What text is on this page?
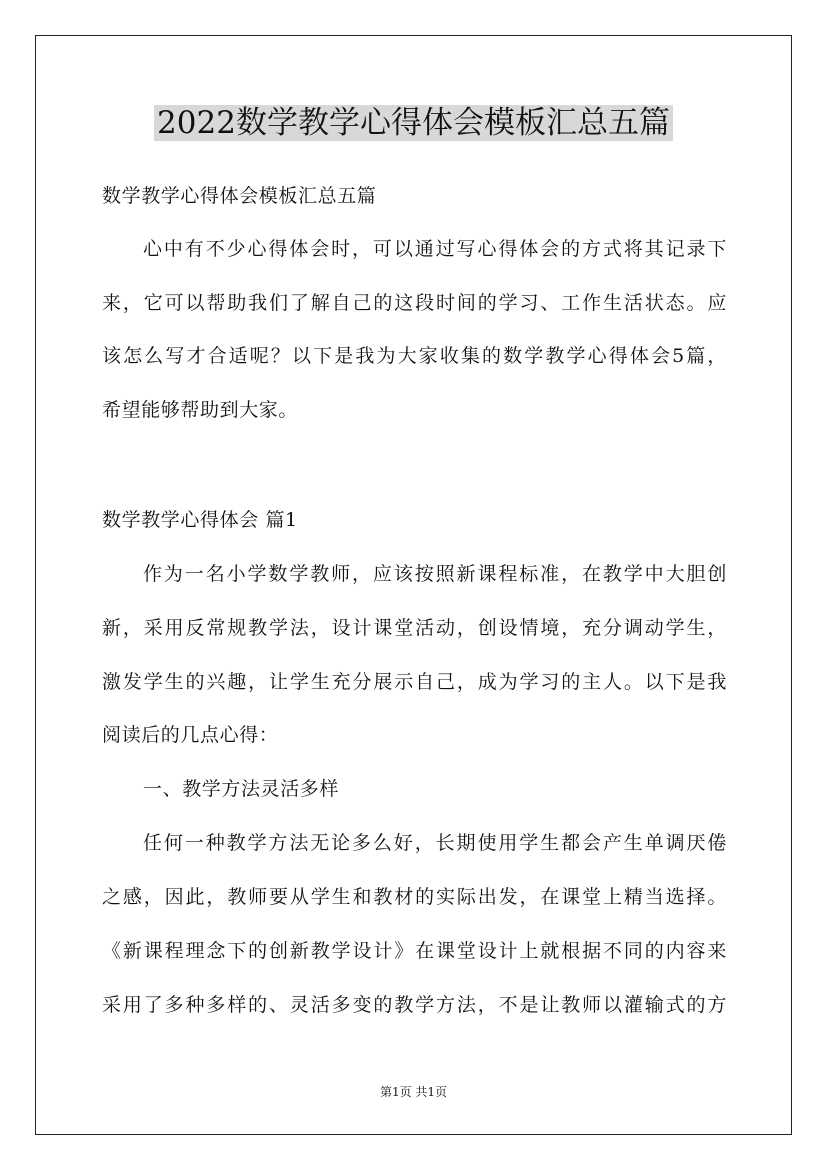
2022数学教学心得体会模板汇总五篇
数学教学心得体会模板汇总五篇
心中有不少心得体会时，可以通过写心得体会的方式将其记录下
来，它可以帮助我们了解自己的这段时间的学习、工作生活状态。应
该怎么写才合适呢？以下是我为大家收集的数学教学心得体会5篇，
希望能够帮助到大家。
数学教学心得体会 篇1
作为一名小学数学教师，应该按照新课程标准，在教学中大胆创
新，采用反常规教学法，设计课堂活动，创设情境，充分调动学生，
激发学生的兴趣，让学生充分展示自己，成为学习的主人。以下是我
阅读后的几点心得：
一、教学方法灵活多样
任何一种教学方法无论多么好，长期使用学生都会产生单调厌倦
之感，因此，教师要从学生和教材的实际出发，在课堂上精当选择。
《新课程理念下的创新教学设计》在课堂设计上就根据不同的内容来
采用了多种多样的、灵活多变的教学方法，不是让教师以灌输式的方
第1页 共1页
